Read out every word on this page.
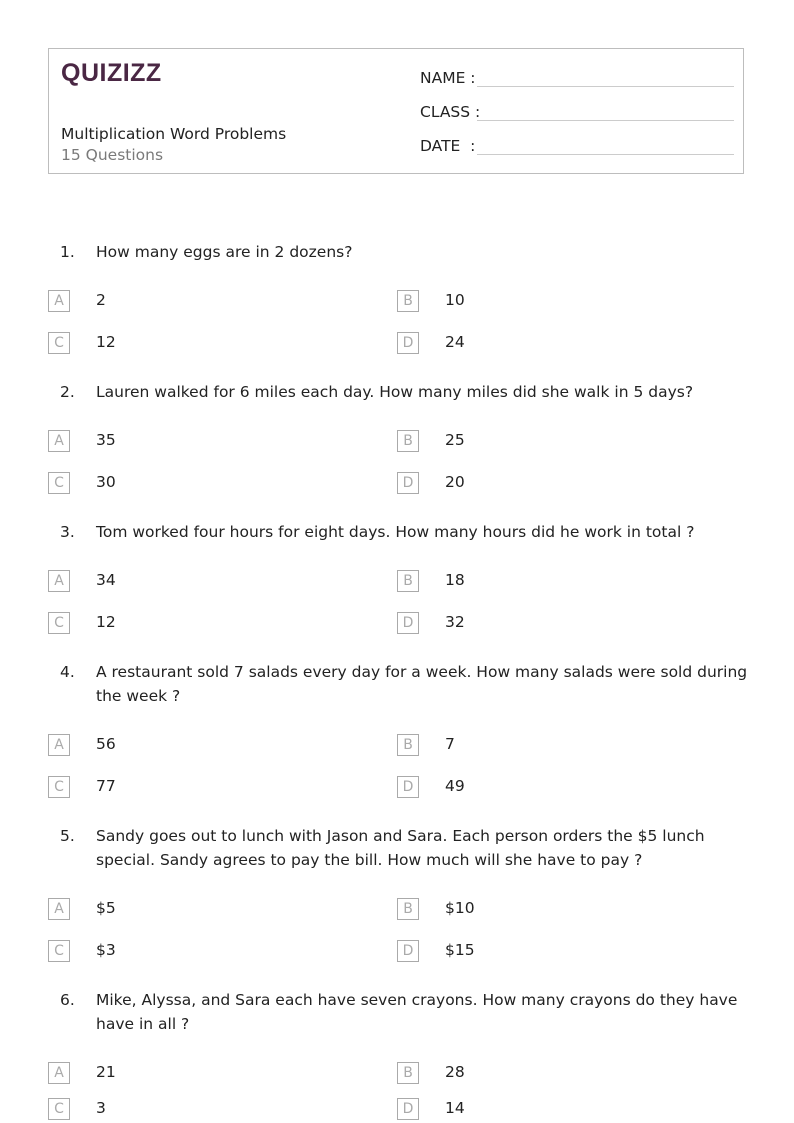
QUIZIZZ
Multiplication Word Problems
15 Questions
NAME :
CLASS :
DATE  :
1. How many eggs are in 2 dozens?
A	2	B	10
C	12	D	24
2. Lauren walked for 6 miles each day. How many miles did she walk in 5 days?
A	35	B	25
C	30	D	20
3. Tom worked four hours for eight days. How many hours did he work in total ?
A	34	B	18
C	12	D	32
4. A restaurant sold 7 salads every day for a week. How many salads were sold during the week ?
A	56	B	7
C	77	D	49
5. Sandy goes out to lunch with Jason and Sara. Each person orders the $5 lunch special. Sandy agrees to pay the bill. How much will she have to pay ?
A	$5	B	$10
C	$3	D	$15
6. Mike, Alyssa, and Sara each have seven crayons. How many crayons do they have have in all ?
A	21	B	28
C	3	D	14
